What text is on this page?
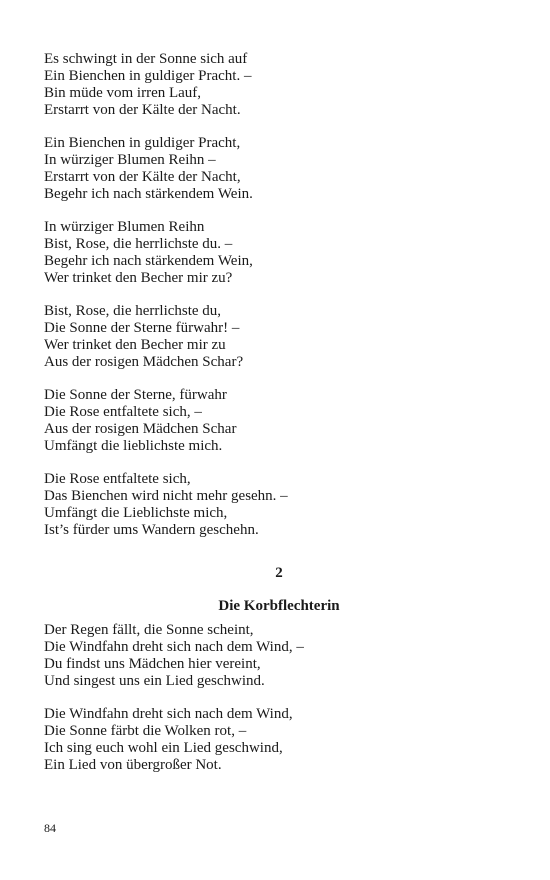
Es schwingt in der Sonne sich auf
Ein Bienchen in guldiger Pracht. –
Bin müde vom irren Lauf,
Erstarrt von der Kälte der Nacht.
Ein Bienchen in guldiger Pracht,
In würziger Blumen Reihn –
Erstarrt von der Kälte der Nacht,
Begehr ich nach stärkendem Wein.
In würziger Blumen Reihn
Bist, Rose, die herrlichste du. –
Begehr ich nach stärkendem Wein,
Wer trinket den Becher mir zu?
Bist, Rose, die herrlichste du,
Die Sonne der Sterne fürwahr! –
Wer trinket den Becher mir zu
Aus der rosigen Mädchen Schar?
Die Sonne der Sterne, fürwahr
Die Rose entfaltete sich, –
Aus der rosigen Mädchen Schar
Umfängt die lieblichste mich.
Die Rose entfaltete sich,
Das Bienchen wird nicht mehr gesehn. –
Umfängt die Lieblichste mich,
Ist’s fürder ums Wandern geschehn.
2
Die Korbflechterin
Der Regen fällt, die Sonne scheint,
Die Windfahn dreht sich nach dem Wind, –
Du findst uns Mädchen hier vereint,
Und singest uns ein Lied geschwind.
Die Windfahn dreht sich nach dem Wind,
Die Sonne färbt die Wolken rot, –
Ich sing euch wohl ein Lied geschwind,
Ein Lied von übergroßer Not.
84
